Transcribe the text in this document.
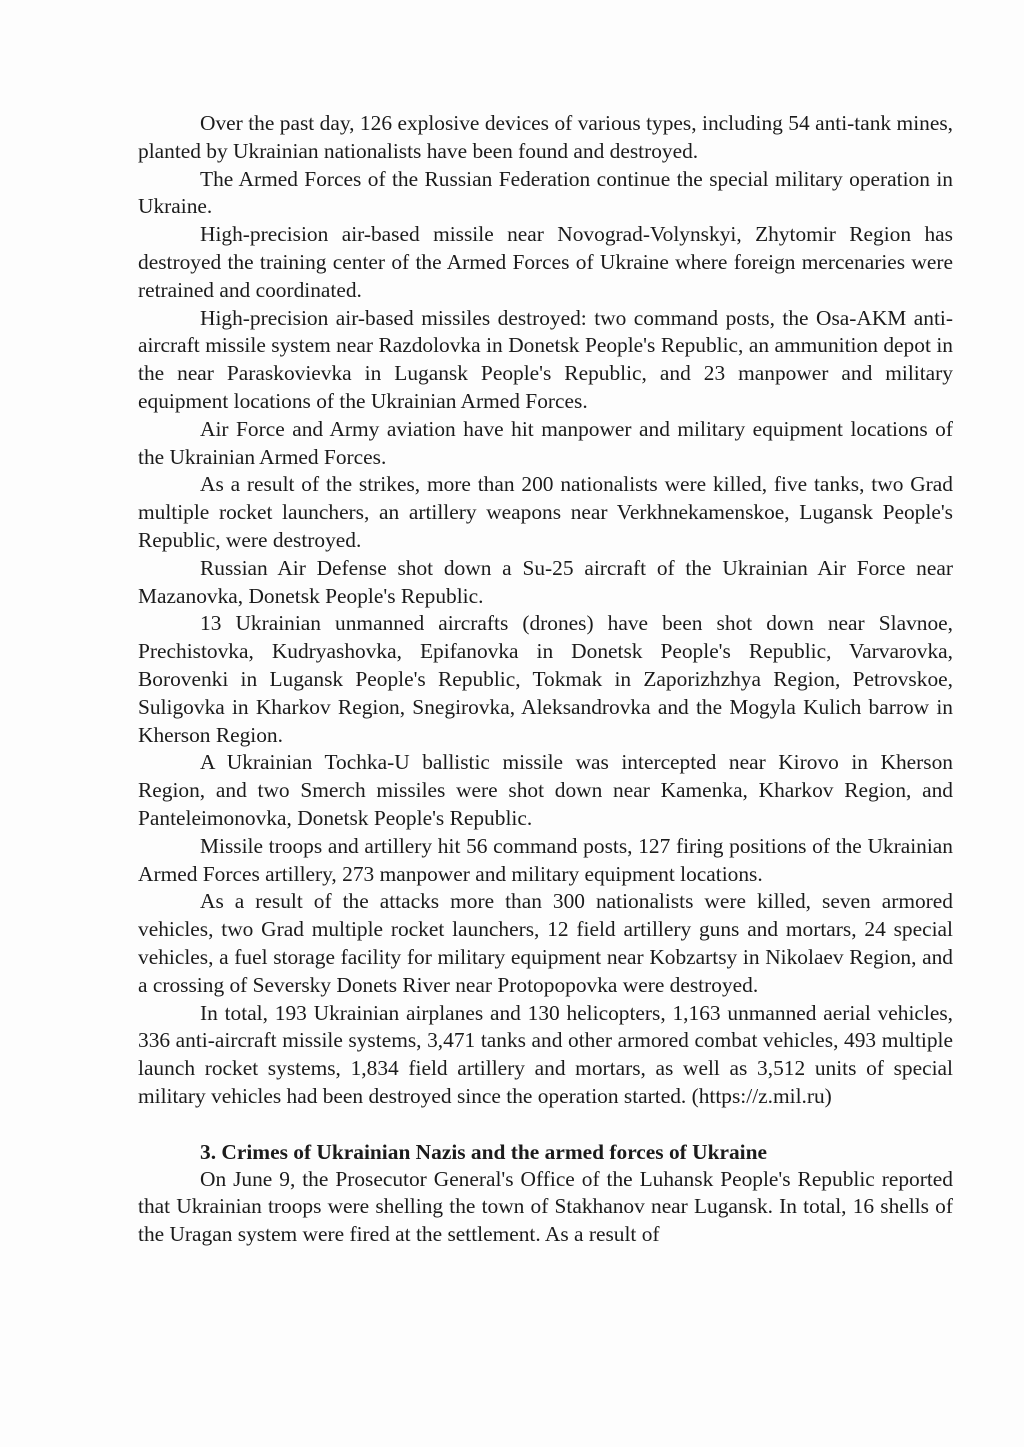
Over the past day, 126 explosive devices of various types, including 54 anti-tank mines, planted by Ukrainian nationalists have been found and destroyed.

The Armed Forces of the Russian Federation continue the special military operation in Ukraine.

High-precision air-based missile near Novograd-Volynskyi, Zhytomir Region has destroyed the training center of the Armed Forces of Ukraine where foreign mercenaries were retrained and coordinated.

High-precision air-based missiles destroyed: two command posts, the Osa-AKM anti-aircraft missile system near Razdolovka in Donetsk People's Republic, an ammunition depot in the near Paraskovievka in Lugansk People's Republic, and 23 manpower and military equipment locations of the Ukrainian Armed Forces.

Air Force and Army aviation have hit manpower and military equipment locations of the Ukrainian Armed Forces.

As a result of the strikes, more than 200 nationalists were killed, five tanks, two Grad multiple rocket launchers, an artillery weapons near Verkhnekamenskoe, Lugansk People's Republic, were destroyed.

Russian Air Defense shot down a Su-25 aircraft of the Ukrainian Air Force near Mazanovka, Donetsk People's Republic.

13 Ukrainian unmanned aircrafts (drones) have been shot down near Slavnoe, Prechistovka, Kudryashovka, Epifanovka in Donetsk People's Republic, Varvarovka, Borovenki in Lugansk People's Republic, Tokmak in Zaporizhzhya Region, Petrovskoe, Suligovka in Kharkov Region, Snegirovka, Aleksandrovka and the Mogyla Kulich barrow in Kherson Region.

A Ukrainian Tochka-U ballistic missile was intercepted near Kirovo in Kherson Region, and two Smerch missiles were shot down near Kamenka, Kharkov Region, and Panteleimonovka, Donetsk People's Republic.

Missile troops and artillery hit 56 command posts, 127 firing positions of the Ukrainian Armed Forces artillery, 273 manpower and military equipment locations.

As a result of the attacks more than 300 nationalists were killed, seven armored vehicles, two Grad multiple rocket launchers, 12 field artillery guns and mortars, 24 special vehicles, a fuel storage facility for military equipment near Kobzartsy in Nikolaev Region, and a crossing of Seversky Donets River near Protopopovka were destroyed.

In total, 193 Ukrainian airplanes and 130 helicopters, 1,163 unmanned aerial vehicles, 336 anti-aircraft missile systems, 3,471 tanks and other armored combat vehicles, 493 multiple launch rocket systems, 1,834 field artillery and mortars, as well as 3,512 units of special military vehicles had been destroyed since the operation started. (https://z.mil.ru)

3. Crimes of Ukrainian Nazis and the armed forces of Ukraine

On June 9, the Prosecutor General's Office of the Luhansk People's Republic reported that Ukrainian troops were shelling the town of Stakhanov near Lugansk. In total, 16 shells of the Uragan system were fired at the settlement. As a result of
